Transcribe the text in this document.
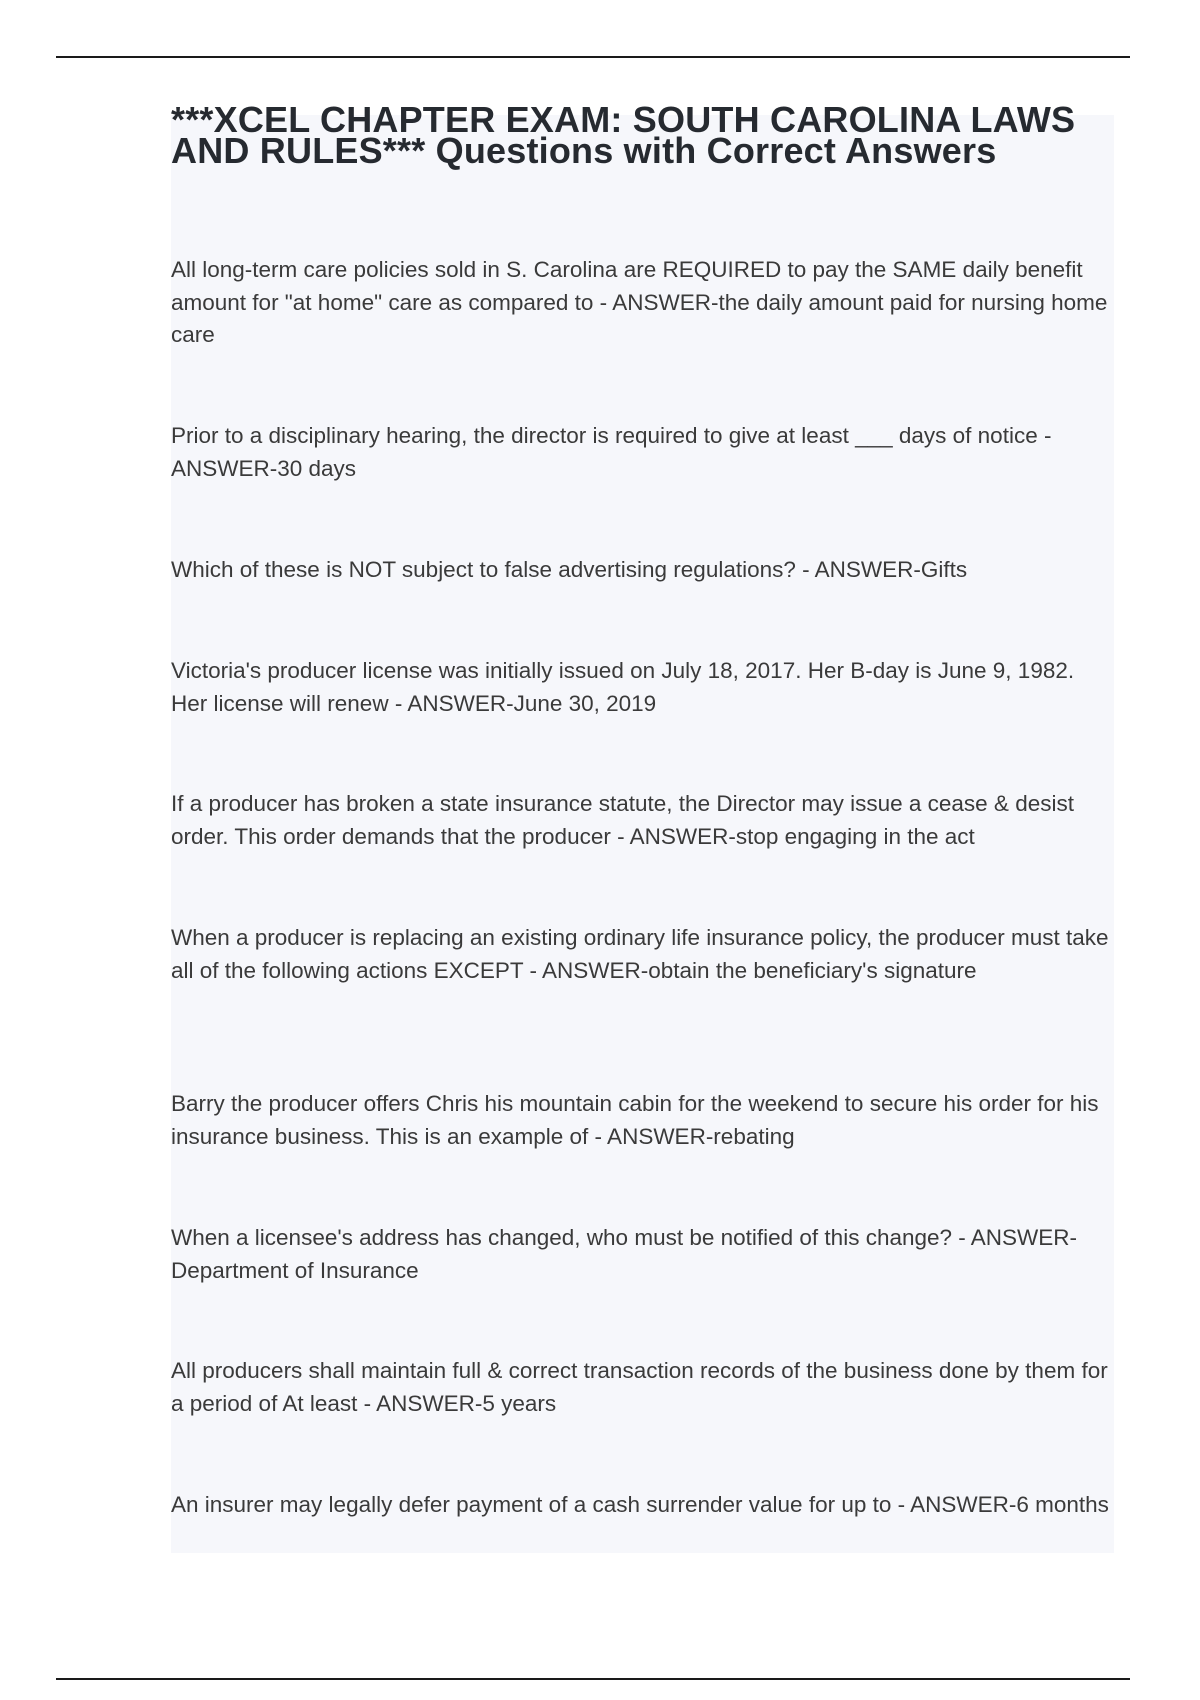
***XCEL CHAPTER EXAM: SOUTH CAROLINA LAWS AND RULES*** Questions with Correct Answers
All long-term care policies sold in S. Carolina are REQUIRED to pay the SAME daily benefit amount for "at home" care as compared to - ANSWER-the daily amount paid for nursing home care
Prior to a disciplinary hearing, the director is required to give at least ___ days of notice - ANSWER-30 days
Which of these is NOT subject to false advertising regulations? - ANSWER-Gifts
Victoria's producer license was initially issued on July 18, 2017. Her B-day is June 9, 1982. Her license will renew - ANSWER-June 30, 2019
If a producer has broken a state insurance statute, the Director may issue a cease & desist order. This order demands that the producer - ANSWER-stop engaging in the act
When a producer is replacing an existing ordinary life insurance policy, the producer must take all of the following actions EXCEPT - ANSWER-obtain the beneficiary's signature
Barry the producer offers Chris his mountain cabin for the weekend to secure his order for his insurance business. This is an example of - ANSWER-rebating
When a licensee's address has changed, who must be notified of this change? - ANSWER-Department of Insurance
All producers shall maintain full & correct transaction records of the business done by them for a period of At least - ANSWER-5 years
An insurer may legally defer payment of a cash surrender value for up to - ANSWER-6 months
